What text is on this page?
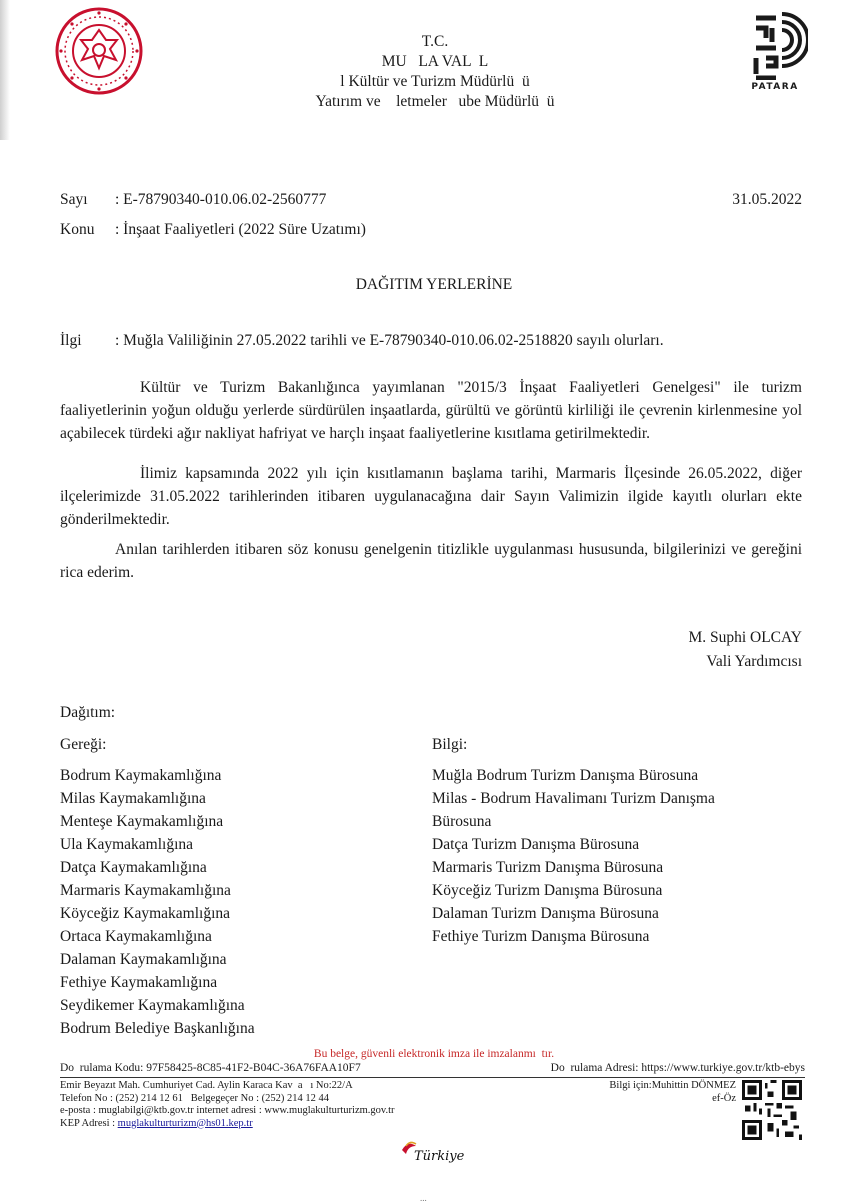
T.C.
MU   LA VAL  L
l Kültür ve Turizm Müdürlü  ü
Yatırım ve    letmeler   ube Müdürlü  ü
PATARA
Sayı : E-78790340-010.06.02-2560777	31.05.2022
Konu : İnşaat Faaliyetleri (2022 Süre Uzatımı)
DAĞITIM YERLERİNE
İlgi : Muğla Valiliğinin 27.05.2022 tarihli ve E-78790340-010.06.02-2518820 sayılı olurları.
Kültür ve Turizm Bakanlığınca yayımlanan "2015/3 İnşaat Faaliyetleri Genelgesi" ile turizm faaliyetlerinin yoğun olduğu yerlerde sürdürülen inşaatlarda, gürültü ve görüntü kirliliği ile çevrenin kirlenmesine yol açabilecek türdeki ağır nakliyat hafriyat ve harçlı inşaat faaliyetlerine kısıtlama getirilmektedir.
İlimiz kapsamında 2022 yılı için kısıtlamanın başlama tarihi, Marmaris İlçesinde 26.05.2022, diğer ilçelerimizde 31.05.2022 tarihlerinden itibaren uygulanacağına dair Sayın Valimizin ilgide kayıtlı olurları ekte gönderilmektedir.
Anılan tarihlerden itibaren söz konusu genelgenin titizlikle uygulanması hususunda, bilgilerinizi ve gereğini rica ederim.
M. Suphi OLCAY
Vali Yardımcısı
Dağıtım:
Gereği:
Bodrum Kaymakamlığına
Milas Kaymakamlığına
Menteşe Kaymakamlığına
Ula Kaymakamlığına
Datça Kaymakamlığına
Marmaris Kaymakamlığına
Köyceğiz Kaymakamlığına
Ortaca Kaymakamlığına
Dalaman Kaymakamlığına
Fethiye Kaymakamlığına
Seydikemer Kaymakamlığına
Bodrum Belediye Başkanlığına
Bilgi:
Muğla Bodrum Turizm Danışma Bürosuna
Milas - Bodrum Havalimanı Turizm Danışma Bürosuna
Datça Turizm Danışma Bürosuna
Marmaris Turizm Danışma Bürosuna
Köyceğiz Turizm Danışma Bürosuna
Dalaman Turizm Danışma Bürosuna
Fethiye Turizm Danışma Bürosuna
Bu belge, güvenli elektronik imza ile imzalanmı  tır.
Do  rulama Kodu: 97F58425-8C85-41F2-B04C-36A76FAA10F7	Do  rulama Adresi: https://www.turkiye.gov.tr/ktb-ebys
Emir Beyazıt Mah. Cumhuriyet Cad. Aylin Karaca Kav  a   ı No:22/A
Telefon No : (252) 214 12 61   Belgegeçer No : (252) 214 12 44
e-posta : muglabilgi@ktb.gov.tr internet adresi : www.muglakulturturizm.gov.tr
KEP Adresi : muglakulturturizm@hs01.kep.tr
Bilgi için:Muhittin DÖNMEZ
ef-Öz
Türkiye
...
